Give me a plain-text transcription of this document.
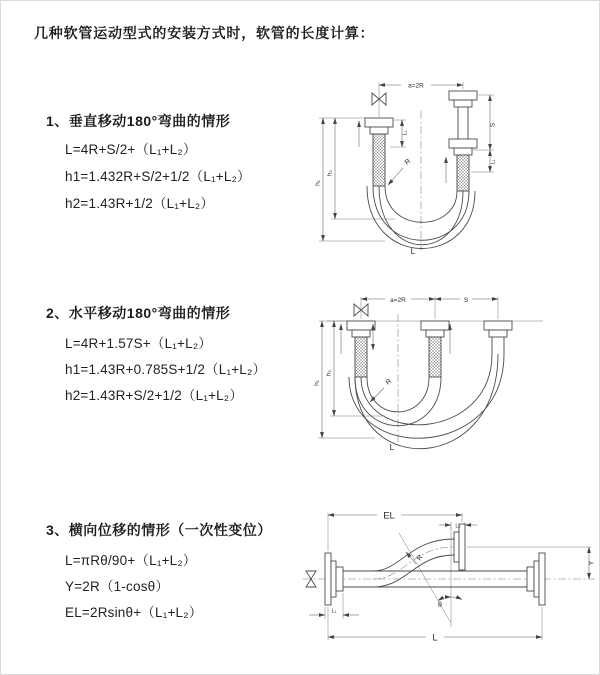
几种软管运动型式的安装方式时，软管的长度计算：
1、垂直移动180°弯曲的情形
L=4R+S/2+（L₁+L₂）
h1=1.432R+S/2+1/2（L₁+L₂）
h2=1.43R+1/2（L₁+L₂）
2、水平移动180°弯曲的情形
L=4R+1.57S+（L₁+L₂）
h1=1.43R+0.785S+1/2（L₁+L₂）
h2=1.43R+S/2+1/2（L₁+L₂）
3、横向位移的情形（一次性变位）
L=πRθ/90+（L₁+L₂）
Y=2R（1-cosθ）
EL=2Rsinθ+（L₁+L₂）
a=2R
S
L₁
L₁
h₁
h₂
R
L
a=2R	S
h₁
h₂
R
L
θ
EL
L₂
Y
L
L₁
R
